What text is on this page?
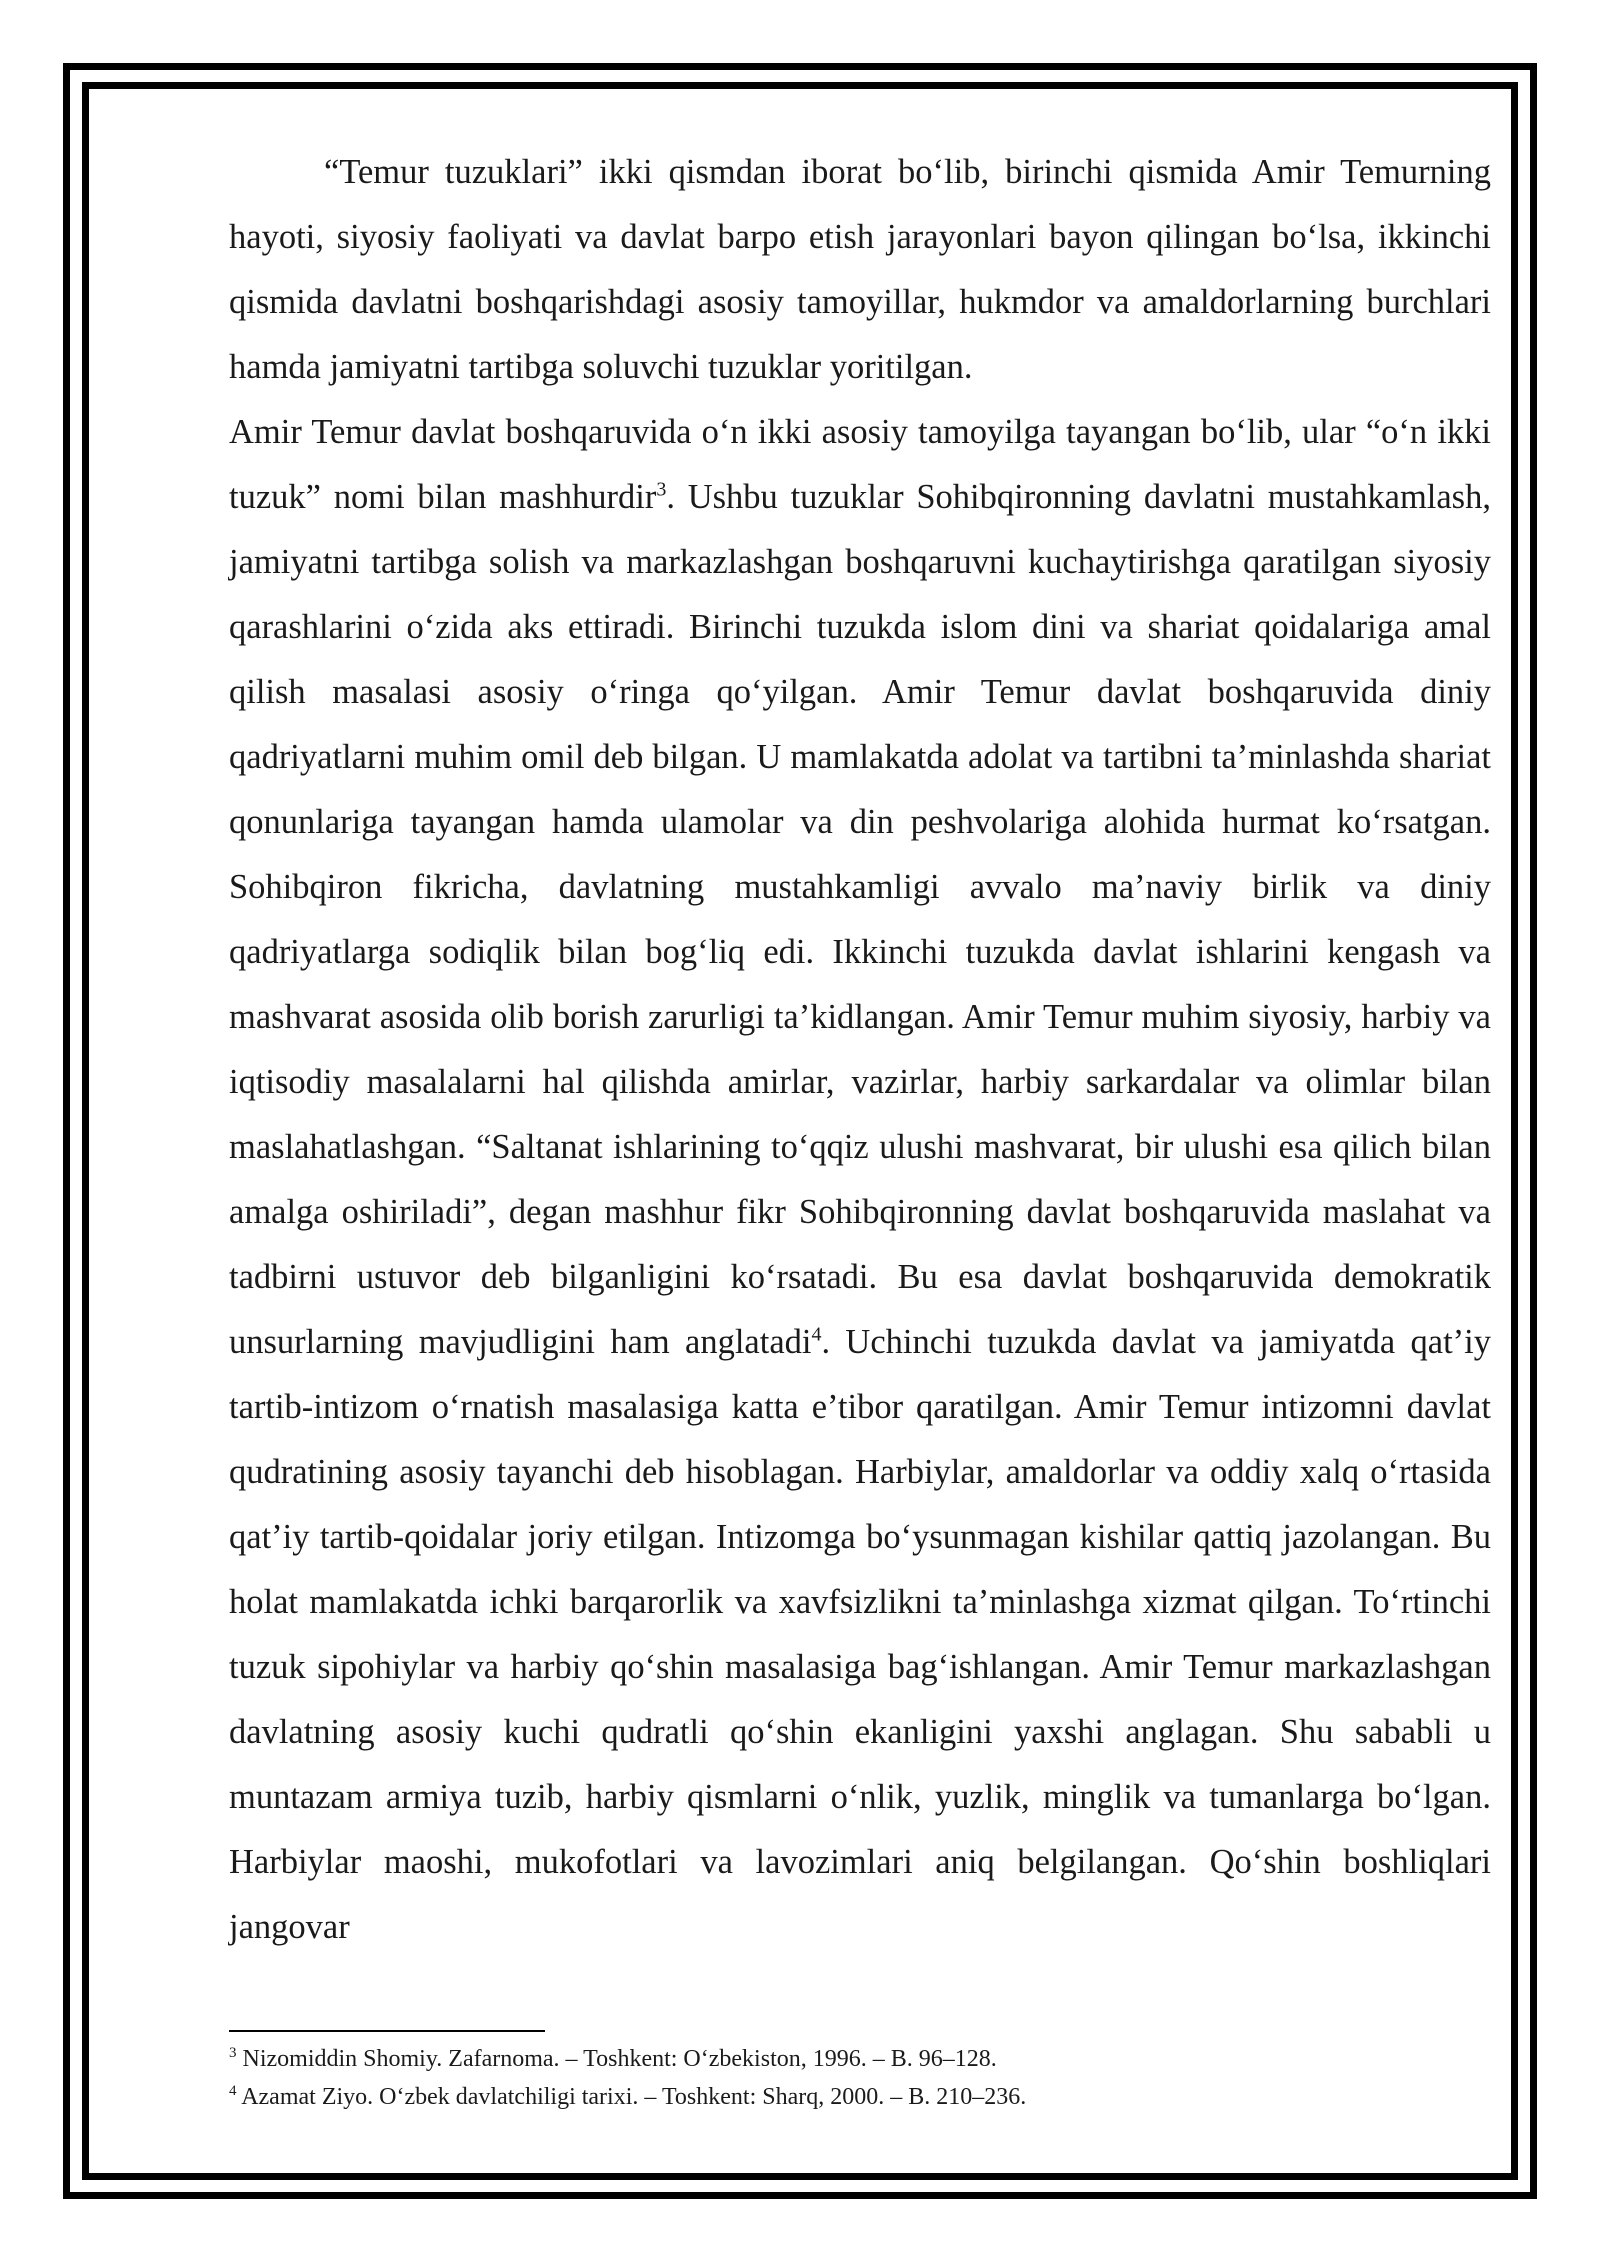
“Temur tuzuklari” ikki qismdan iborat bo‘lib, birinchi qismida Amir Temurning hayoti, siyosiy faoliyati va davlat barpo etish jarayonlari bayon qilingan bo‘lsa, ikkinchi qismida davlatni boshqarishdagi asosiy tamoyillar, hukmdor va amaldorlarning burchlari hamda jamiyatni tartibga soluvchi tuzuklar yoritilgan.

Amir Temur davlat boshqaruvida o‘n ikki asosiy tamoyilga tayangan bo‘lib, ular “o‘n ikki tuzuk” nomi bilan mashhurdir$^3$. Ushbu tuzuklar Sohibqironning davlatni mustahkamlash, jamiyatni tartibga solish va markazlashgan boshqaruvni kuchaytirishga qaratilgan siyosiy qarashlarini o‘zida aks ettiradi. Birinchi tuzukda islom dini va shariat qoidalariga amal qilish masalasi asosiy o‘ringa qo‘yilgan. Amir Temur davlat boshqaruvida diniy qadriyatlarni muhim omil deb bilgan. U mamlakatda adolat va tartibni ta’minlashda shariat qonunlariga tayangan hamda ulamolar va din peshvolariga alohida hurmat ko‘rsatgan. Sohibqiron fikricha, davlatning mustahkamligi avvalo ma’naviy birlik va diniy qadriyatlarga sodiqlik bilan bog‘liq edi. Ikkinchi tuzukda davlat ishlarini kengash va mashvarat asosida olib borish zarurligi ta’kidlangan. Amir Temur muhim siyosiy, harbiy va iqtisodiy masalalarni hal qilishda amirlar, vazirlar, harbiy sarkardalar va olimlar bilan maslahatlashgan. “Saltanat ishlarining to‘qqiz ulushi mashvarat, bir ulushi esa qilich bilan amalga oshiriladi”, degan mashhur fikr Sohibqironning davlat boshqaruvida maslahat va tadbirni ustuvor deb bilganligini ko‘rsatadi. Bu esa davlat boshqaruvida demokratik unsurlarning mavjudligini ham anglatadi$^4$. Uchinchi tuzukda davlat va jamiyatda qat’iy tartib-intizom o‘rnatish masalasiga katta e’tibor qaratilgan. Amir Temur intizomni davlat qudratining asosiy tayanchi deb hisoblagan. Harbiylar, amaldorlar va oddiy xalq o‘rtasida qat’iy tartib-qoidalar joriy etilgan. Intizomga bo‘ysunmagan kishilar qattiq jazolangan. Bu holat mamlakatda ichki barqarorlik va xavfsizlikni ta’minlashga xizmat qilgan. To‘rtinchi tuzuk sipohiylar va harbiy qo‘shin masalasiga bag‘ishlangan. Amir Temur markazlashgan davlatning asosiy kuchi qudratli qo‘shin ekanligini yaxshi anglagan. Shu sababli u muntazam armiya tuzib, harbiy qismlarni o‘nlik, yuzlik, minglik va tumanlarga bo‘lgan. Harbiylar maoshi, mukofotlari va lavozimlari aniq belgilangan. Qo‘shin boshliqlari jangovar

$^3$ Nizomiddin Shomiy. Zafarnoma. – Toshkent: O‘zbekiston, 1996. – B. 96–128.

$^4$ Azamat Ziyo. O‘zbek davlatchiligi tarixi. – Toshkent: Sharq, 2000. – B. 210–236.
